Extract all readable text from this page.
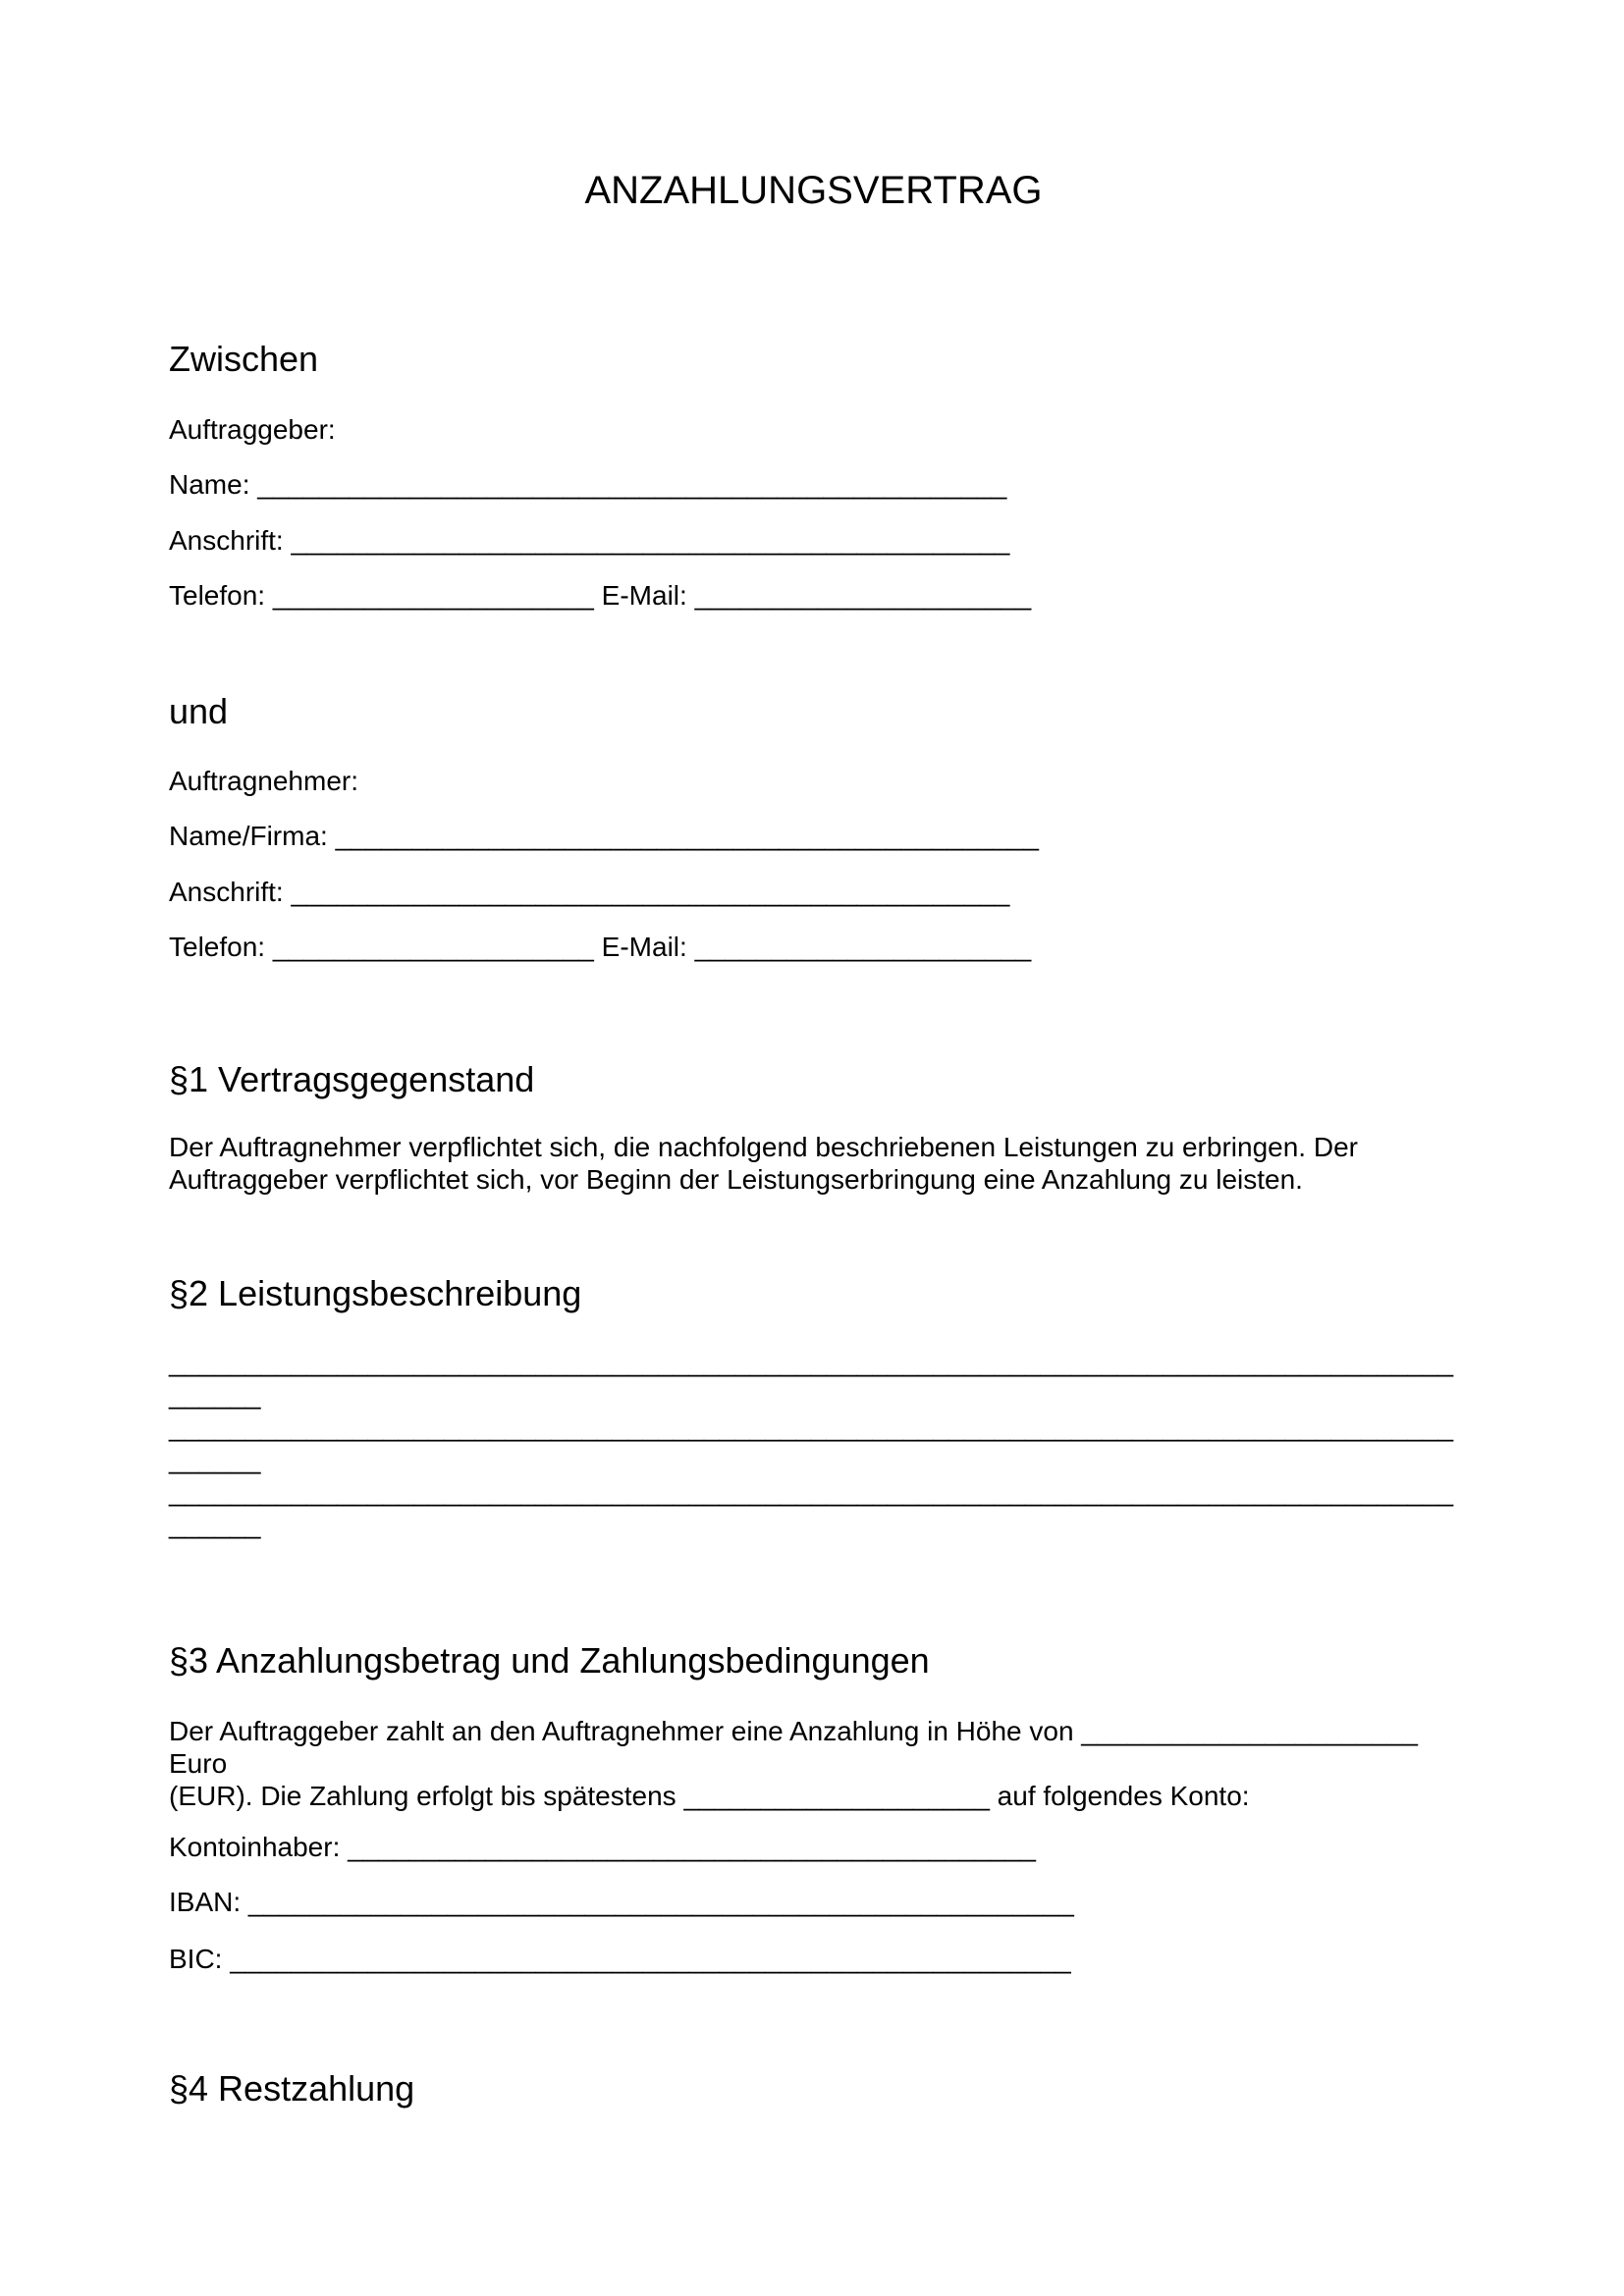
ANZAHLUNGSVERTRAG
Zwischen
Auftraggeber:
Name: _________________________________________________
Anschrift: _______________________________________________
Telefon: _____________________ E-Mail: ______________________
und
Auftragnehmer:
Name/Firma: ______________________________________________
Anschrift: _______________________________________________
Telefon: _____________________ E-Mail: ______________________
§1 Vertragsgegenstand
Der Auftragnehmer verpflichtet sich, die nachfolgend beschriebenen Leistungen zu erbringen. Der
Auftraggeber verpflichtet sich, vor Beginn der Leistungserbringung eine Anzahlung zu leisten.
§2 Leistungsbeschreibung
____________________________________________________________________________________
______
____________________________________________________________________________________
______
____________________________________________________________________________________
______
§3 Anzahlungsbetrag und Zahlungsbedingungen
Der Auftraggeber zahlt an den Auftragnehmer eine Anzahlung in Höhe von ______________________ Euro
(EUR). Die Zahlung erfolgt bis spätestens ____________________ auf folgendes Konto:
Kontoinhaber: _____________________________________________
IBAN: ______________________________________________________
BIC: _______________________________________________________
§4 Restzahlung
